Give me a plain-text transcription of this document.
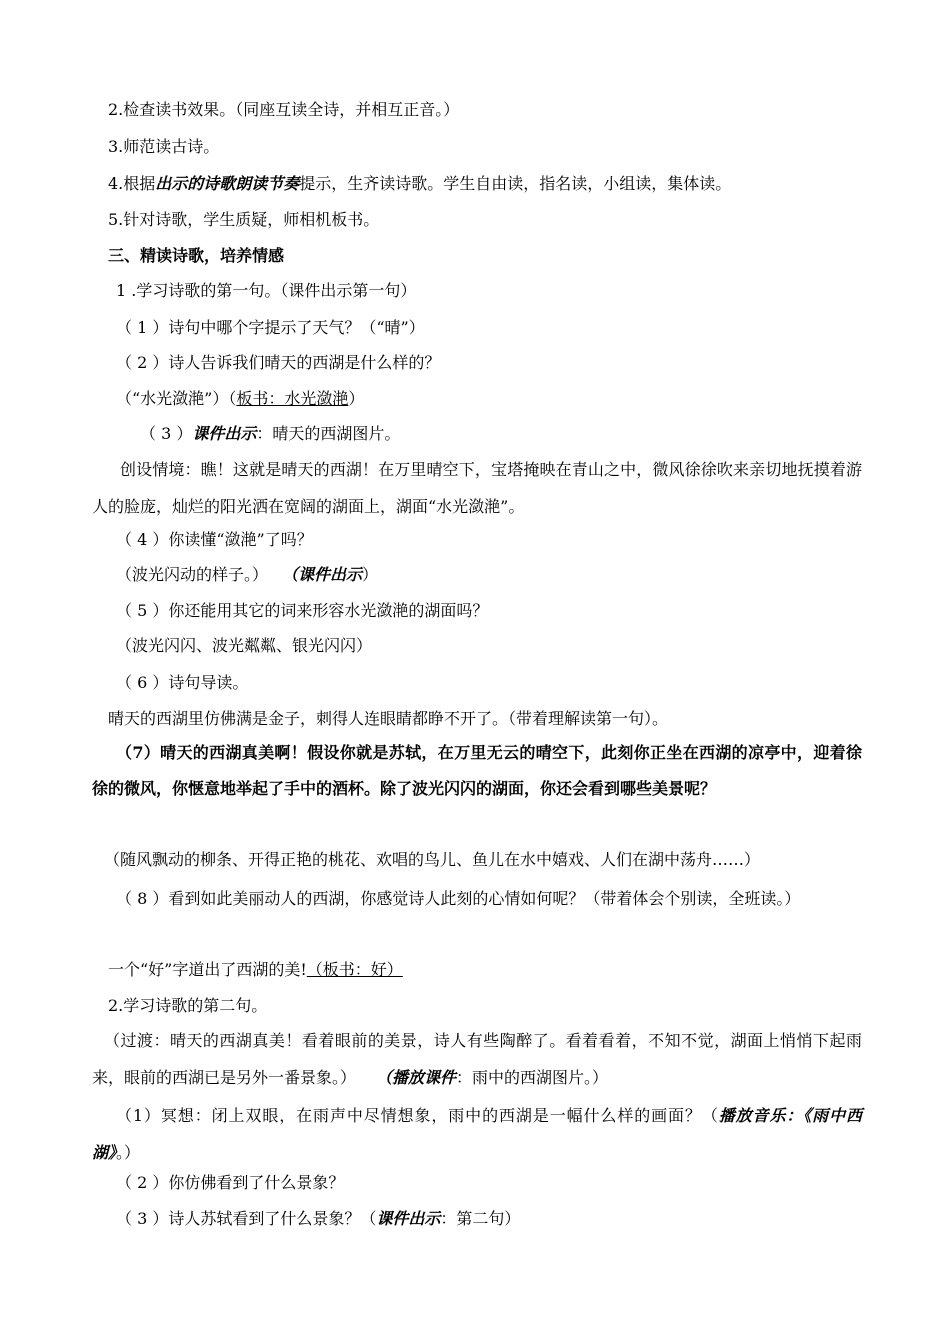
2.检查读书效果。（同座互读全诗，并相互正音。）
3.师范读古诗。
4.根据出示的诗歌朗读节奏提示，生齐读诗歌。学生自由读，指名读，小组读，集体读。
5.针对诗歌，学生质疑，师相机板书。
三、精读诗歌，培养情感
1 .学习诗歌的第一句。（课件出示第一句）
（ 1 ）诗句中哪个字提示了天气？（“晴”）
（ 2 ）诗人告诉我们晴天的西湖是什么样的？
（“水光潋滟”）（板书：水光潋滟）
（ 3 ）课件出示：晴天的西湖图片。
创设情境：瞧！这就是晴天的西湖！在万里晴空下，宝塔掩映在青山之中，微风徐徐吹来亲切地抚摸着游人的脸庞，灿烂的阳光洒在宽阔的湖面上，湖面“水光潋滟”。
（ 4 ）你读懂“潋滟”了吗？
（波光闪动的样子。） （课件出示）
（ 5 ）你还能用其它的词来形容水光潋滟的湖面吗？
（波光闪闪、波光粼粼、银光闪闪）
（ 6 ）诗句导读。
晴天的西湖里仿佛满是金子，刺得人连眼睛都睁不开了。（带着理解读第一句）。
（7）晴天的西湖真美啊！假设你就是苏轼，在万里无云的晴空下，此刻你正坐在西湖的凉亭中，迎着徐徐的微风，你惬意地举起了手中的酒杯。除了波光闪闪的湖面，你还会看到哪些美景呢？
（随风飘动的柳条、开得正艳的桃花、欢唱的鸟儿、鱼儿在水中嬉戏、人们在湖中荡舟……）
（ 8 ）看到如此美丽动人的西湖，你感觉诗人此刻的心情如何呢？（带着体会个别读，全班读。）
一个“好”字道出了西湖的美!（板书：好）
2.学习诗歌的第二句。
（过渡：晴天的西湖真美！看着眼前的美景，诗人有些陶醉了。看着看着，不知不觉，湖面上悄悄下起雨来，眼前的西湖已是另外一番景象。） （播放课件：雨中的西湖图片。）
（1）冥想：闭上双眼，在雨声中尽情想象，雨中的西湖是一幅什么样的画面？（播放音乐：《雨中西湖》。）
（ 2 ）你仿佛看到了什么景象？
（ 3 ）诗人苏轼看到了什么景象？（课件出示：第二句）
